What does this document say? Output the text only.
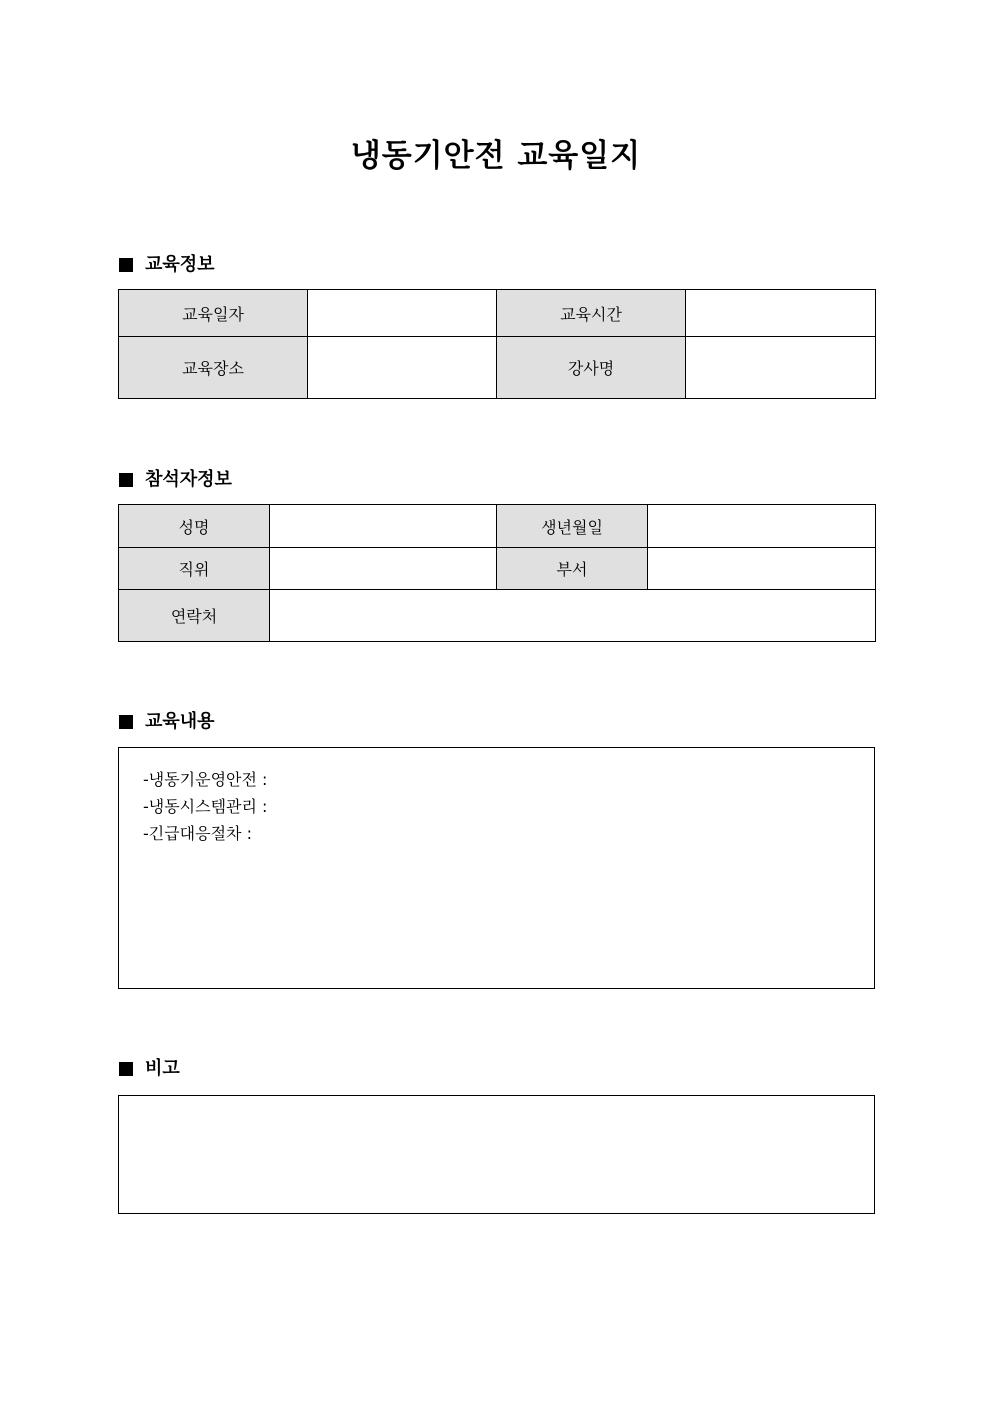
냉동기안전 교육일지
교육정보
교육일자		교육시간	
교육장소		강사명	
참석자정보
성명		생년월일	
직위		부서	
연락처			
교육내용
-냉동기운영안전 :
-냉동시스템관리 :
-긴급대응절차 :
비고
